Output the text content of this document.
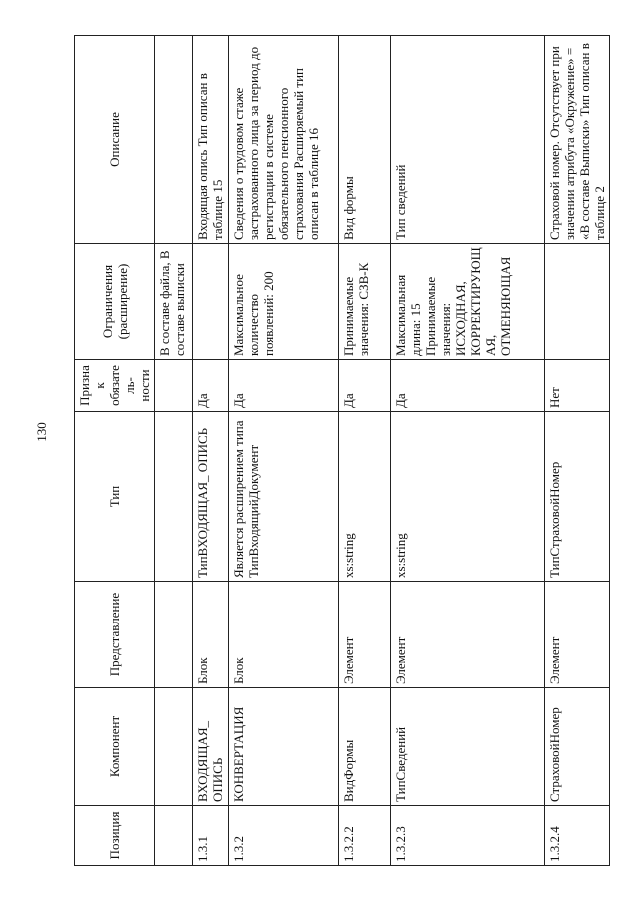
130
Позиция	Компонент	Представление	Тип	Признак обязатель-ности	Ограничения (расширение)	Описание
					В составе файла, В составе выписки	
1.3.1	ВХОДЯЩАЯ_ ОПИСЬ	Блок	ТипВХОДЯЩАЯ_ ОПИСЬ	Да		Входящая опись Тип описан в таблице 15
1.3.2	КОНВЕРТАЦИЯ	Блок	Является расширением типа ТипВходящийДокумент	Да	Максимальное количество появлений: 200	Сведения о трудовом стаже застрахованного лица за период до регистрации в системе обязательного пенсионного страхования Расширяемый тип описан в таблице 16
1.3.2.2	ВидФормы	Элемент	xs:string	Да	Принимаемые значения: СЗВ-К	Вид формы
1.3.2.3	ТипСведений	Элемент	xs:string	Да	Максимальная длина: 15 Принимаемые значения: ИСХОДНАЯ, КОРРЕКТИРУЮЩАЯ, ОТМЕНЯЮЩАЯ	Тип сведений
1.3.2.4	СтраховойНомер	Элемент	ТипСтраховойНомер	Нет		Страховой номер. Отсутствует при значении атрибута «Окружение» = «В составе Выписки» Тип описан в таблице 2
